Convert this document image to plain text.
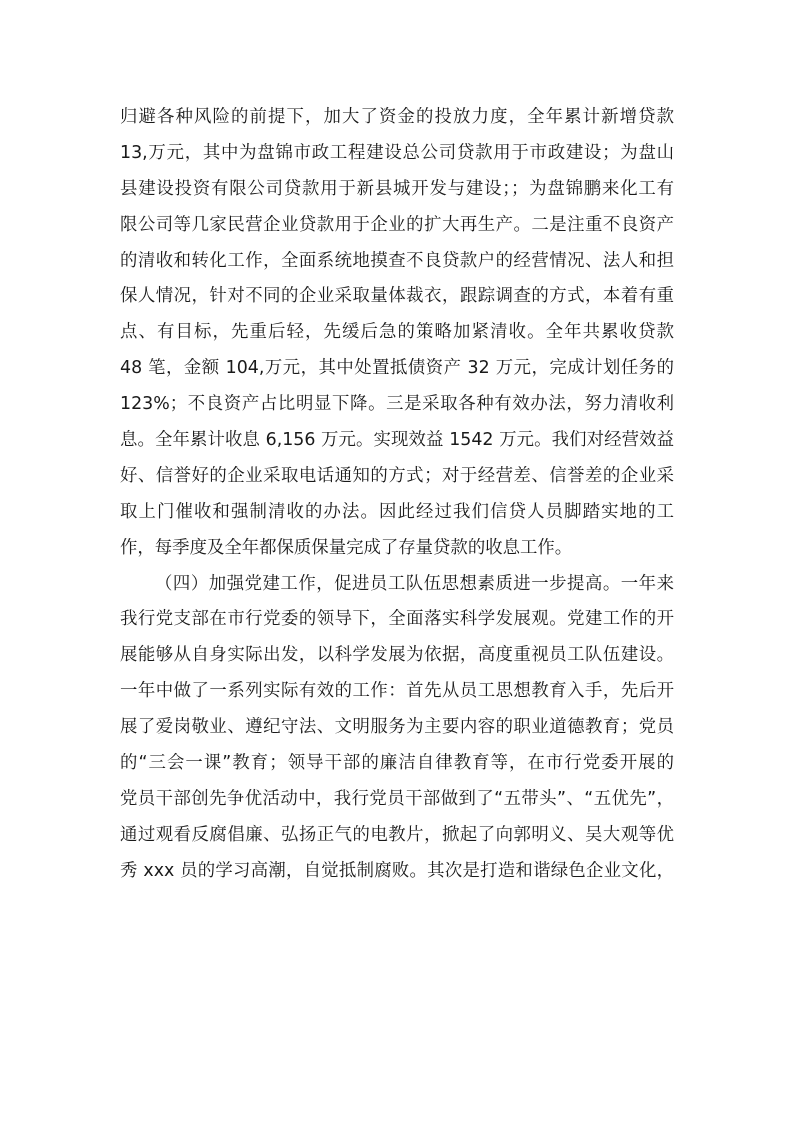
归避各种风险的前提下，加大了资金的投放力度，全年累计新增贷款
13,万元，其中为盘锦市政工程建设总公司贷款用于市政建设；为盘山
县建设投资有限公司贷款用于新县城开发与建设；；为盘锦鹏来化工有
限公司等几家民营企业贷款用于企业的扩大再生产。二是注重不良资产
的清收和转化工作，全面系统地摸查不良贷款户的经营情况、法人和担
保人情况，针对不同的企业采取量体裁衣，跟踪调查的方式，本着有重
点、有目标，先重后轻，先缓后急的策略加紧清收。全年共累收贷款
48 笔，金额 104,万元，其中处置抵债资产 32 万元，完成计划任务的
123%；不良资产占比明显下降。三是采取各种有效办法，努力清收利
息。全年累计收息 6,156 万元。实现效益 1542 万元。我们对经营效益
好、信誉好的企业采取电话通知的方式；对于经营差、信誉差的企业采
取上门催收和强制清收的办法。因此经过我们信贷人员脚踏实地的工
作，每季度及全年都保质保量完成了存量贷款的收息工作。
（四）加强党建工作，促进员工队伍思想素质进一步提高。一年来
我行党支部在市行党委的领导下，全面落实科学发展观。党建工作的开
展能够从自身实际出发，以科学发展为依据，高度重视员工队伍建设。
一年中做了一系列实际有效的工作：首先从员工思想教育入手，先后开
展了爱岗敬业、遵纪守法、文明服务为主要内容的职业道德教育；党员
的“三会一课”教育；领导干部的廉洁自律教育等，在市行党委开展的
党员干部创先争优活动中，我行党员干部做到了“五带头”、“五优先”，
通过观看反腐倡廉、弘扬正气的电教片，掀起了向郭明义、吴大观等优
秀 xxx 员的学习高潮，自觉抵制腐败。其次是打造和谐绿色企业文化，
